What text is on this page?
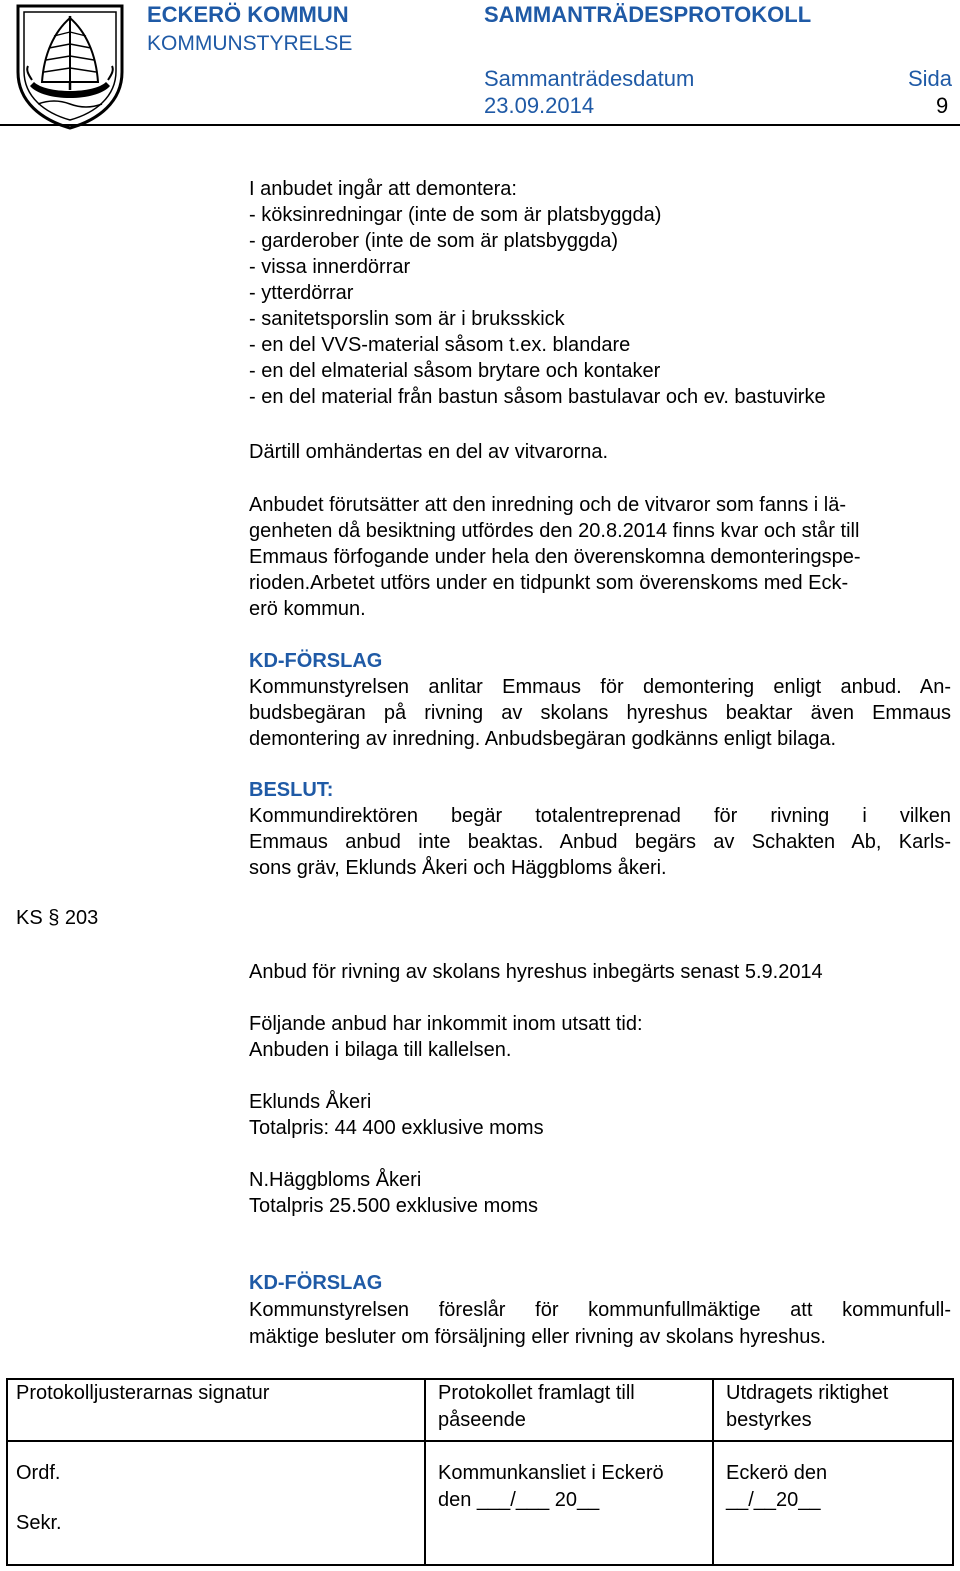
ECKERÖ KOMMUN
KOMMUNSTYRELSE
SAMMANTRÄDESPROTOKOLL
Sammanträdesdatum
23.09.2014
Sida
9
I anbudet ingår att demontera:
- köksinredningar (inte de som är platsbyggda)
- garderober (inte de som är platsbyggda)
- vissa innerdörrar
- ytterdörrar
- sanitetsporslin som är i bruksskick
- en del VVS-material såsom t.ex. blandare
- en del elmaterial såsom brytare och kontaker
- en del material från bastun såsom bastulavar och ev. bastuvirke
Därtill omhändertas en del av vitvarorna.
Anbudet förutsätter att den inredning och de vitvaror som fanns i lä-
genheten då besiktning utfördes den 20.8.2014 finns kvar och står till
Emmaus förfogande under hela den överenskomna demonteringspe-
rioden.Arbetet utförs under en tidpunkt som överenskoms med Eck-
erö kommun.
KD-FÖRSLAG
Kommunstyrelsen anlitar Emmaus för demontering enligt anbud. An-
budsbegäran på rivning av skolans hyreshus beaktar även Emmaus
demontering av inredning. Anbudsbegäran godkänns enligt bilaga.
BESLUT:
Kommundirektören begär totalentreprenad för rivning i vilken
Emmaus anbud inte beaktas. Anbud begärs av Schakten Ab, Karls-
sons gräv, Eklunds Åkeri och Häggbloms åkeri.
KS § 203
Anbud för rivning av skolans hyreshus inbegärts senast 5.9.2014
Följande anbud har inkommit inom utsatt tid:
Anbuden i bilaga till kallelsen.
Eklunds Åkeri
Totalpris: 44 400 exklusive moms
N.Häggbloms Åkeri
Totalpris 25.500 exklusive moms
KD-FÖRSLAG
Kommunstyrelsen föreslår för kommunfullmäktige att kommunfull-
mäktige besluter om försäljning eller rivning av skolans hyreshus.
Protokolljusterarnas signatur
Ordf.
Sekr.
Protokollet framlagt till
påseende
Kommunkansliet i Eckerö
den ___/___ 20__
Utdragets riktighet
bestyrkes
Eckerö den
__/__20__
